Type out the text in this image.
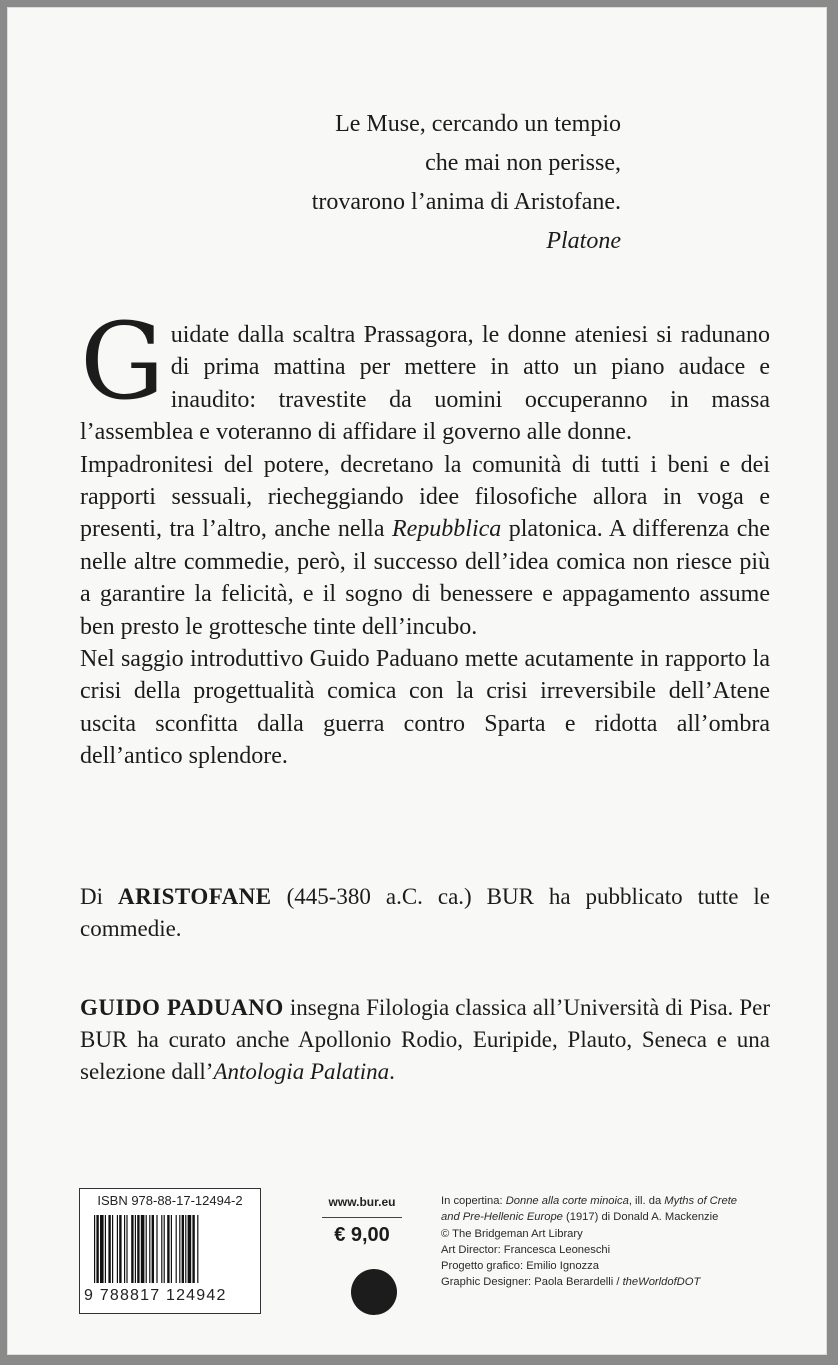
Le Muse, cercando un tempio
che mai non perisse,
trovarono l’anima di Aristofane.
Platone

Guidate dalla scaltra Prassagora, le donne ateniesi si radunano di prima mattina per mettere in atto un piano audace e inaudito: travestite da uomini occuperanno in massa l’assemblea e voteranno di affidare il governo alle donne.

Impadronitesi del potere, decretano la comunità di tutti i beni e dei rapporti sessuali, riecheggiando idee filosofiche allora in voga e presenti, tra l’altro, anche nella Repubblica platonica. A differenza che nelle altre commedie, però, il successo dell’idea comica non riesce più a garantire la felicità, e il sogno di benessere e appagamento assume ben presto le grottesche tinte dell’incubo.

Nel saggio introduttivo Guido Paduano mette acutamente in rapporto la crisi della progettualità comica con la crisi irreversibile dell’Atene uscita sconfitta dalla guerra contro Sparta e ridotta all’ombra dell’antico splendore.

Di ARISTOFANE (445-380 a.C. ca.) BUR ha pubblicato tutte le commedie.

GUIDO PADUANO insegna Filologia classica all’Università di Pisa. Per BUR ha curato anche Apollonio Rodio, Euripide, Plauto, Seneca e una selezione dall’Antologia Palatina.

ISBN 978-88-17-12494-2
9 788817 124942
www.bur.eu
€ 9,00
In copertina: Donne alla corte minoica, ill. da Myths of Crete
and Pre-Hellenic Europe (1917) di Donald A. Mackenzie
© The Bridgeman Art Library
Art Director: Francesca Leoneschi
Progetto grafico: Emilio Ignozza
Graphic Designer: Paola Berardelli / theWorldofDOT
